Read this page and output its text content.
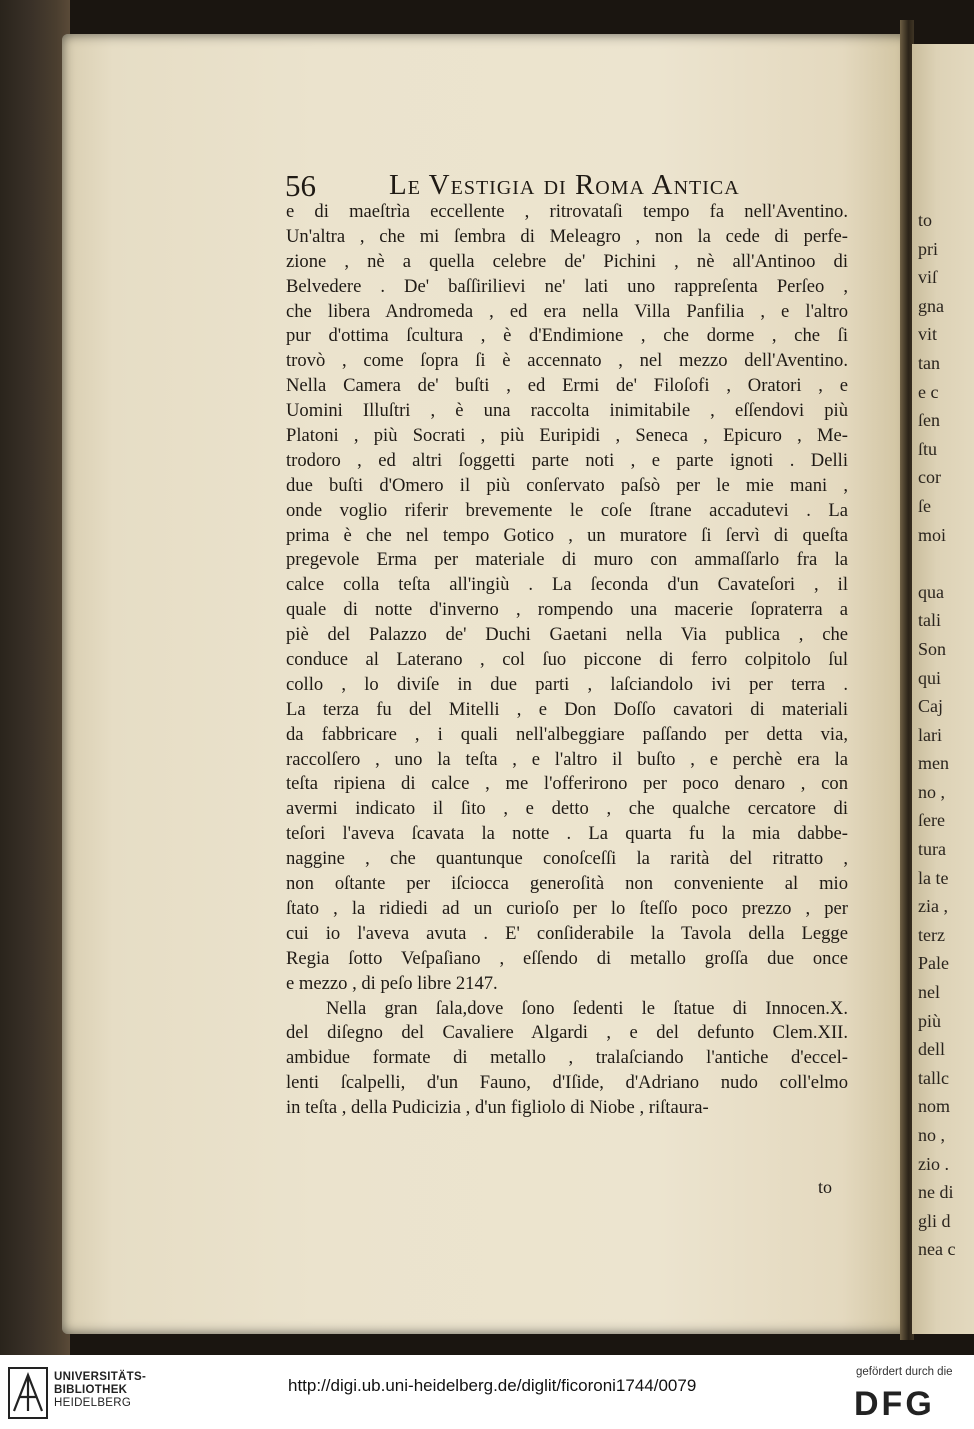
to
pri
viſ
gna
vit
tan
e c
ſen
ſtu
cor
ſe
moi
qua
tali
Son
qui
Caj
lari
men
no ,
ſere
tura
la te
zia ,
terz
Pale
nel
più
dell
tallc
nom
no ,
zio .
ne di
gli d
nea c
56	Le Vestigia di Roma Antica
e di maeſtrìa eccellente , ritrovataſi tempo fa nell'Aventino.
Un'altra , che mi ſembra di Meleagro , non la cede di perfe-
zione , nè a quella celebre de' Pichini , nè all'Antinoo di
Belvedere . De' baſſirilievi ne' lati uno rappreſenta Perſeo ,
che libera Andromeda , ed era nella Villa Panfilia , e l'altro
pur d'ottima ſcultura , è d'Endimione , che dorme , che ſi
trovò , come ſopra ſi è accennato , nel mezzo dell'Aventino.
Nella Camera de' buſti , ed Ermi de' Filoſofi , Oratori , e
Uomini Illuſtri , è una raccolta inimitabile , eſſendovi più
Platoni , più Socrati , più Euripidi , Seneca , Epicuro , Me-
trodoro , ed altri ſoggetti parte noti , e parte ignoti . Delli
due buſti d'Omero il più conſervato paſsò per le mie mani ,
onde voglio riferir brevemente le coſe ſtrane accadutevi . La
prima è che nel tempo Gotico , un muratore ſi ſervì di queſta
pregevole Erma per materiale di muro con ammaſſarlo fra la
calce colla teſta all'ingiù . La ſeconda d'un Cavateſori , il
quale di notte d'inverno , rompendo una macerie ſopraterra a
piè del Palazzo de' Duchi Gaetani nella Via publica , che
conduce al Laterano , col ſuo piccone di ferro colpitolo ſul
collo , lo diviſe in due parti , laſciandolo ivi per terra .
La terza fu del Mitelli , e Don Doſſo cavatori di materiali
da fabbricare , i quali nell'albeggiare paſſando per detta via,
raccolſero , uno la teſta , e l'altro il buſto , e perchè era la
teſta ripiena di calce , me l'offerirono per poco denaro , con
avermi indicato il ſito , e detto , che qualche cercatore di
teſori l'aveva ſcavata la notte . La quarta fu la mia dabbe-
naggine , che quantunque conoſceſſi la rarità del ritratto ,
non oſtante per iſciocca generoſità non conveniente al mio
ſtato , la ridiedi ad un curioſo per lo ſteſſo poco prezzo , per
cui io l'aveva avuta . E' conſiderabile la Tavola della Legge
Regia ſotto Veſpaſiano , eſſendo di metallo groſſa due once
e mezzo , di peſo libre 2147.
Nella gran ſala,dove ſono ſedenti le ſtatue di Innocen.X.
del diſegno del Cavaliere Algardi , e del defunto Clem.XII.
ambidue formate di metallo , tralaſciando l'antiche d'eccel-
lenti ſcalpelli, d'un Fauno, d'Iſide, d'Adriano nudo coll'elmo
in teſta , della Pudicizia , d'un figliolo di Niobe , riſtaura-
to
UNIVERSITÄTS-
BIBLIOTHEK
HEIDELBERG
http://digi.ub.uni-heidelberg.de/diglit/ficoroni1744/0079
gefördert durch die
DFG
